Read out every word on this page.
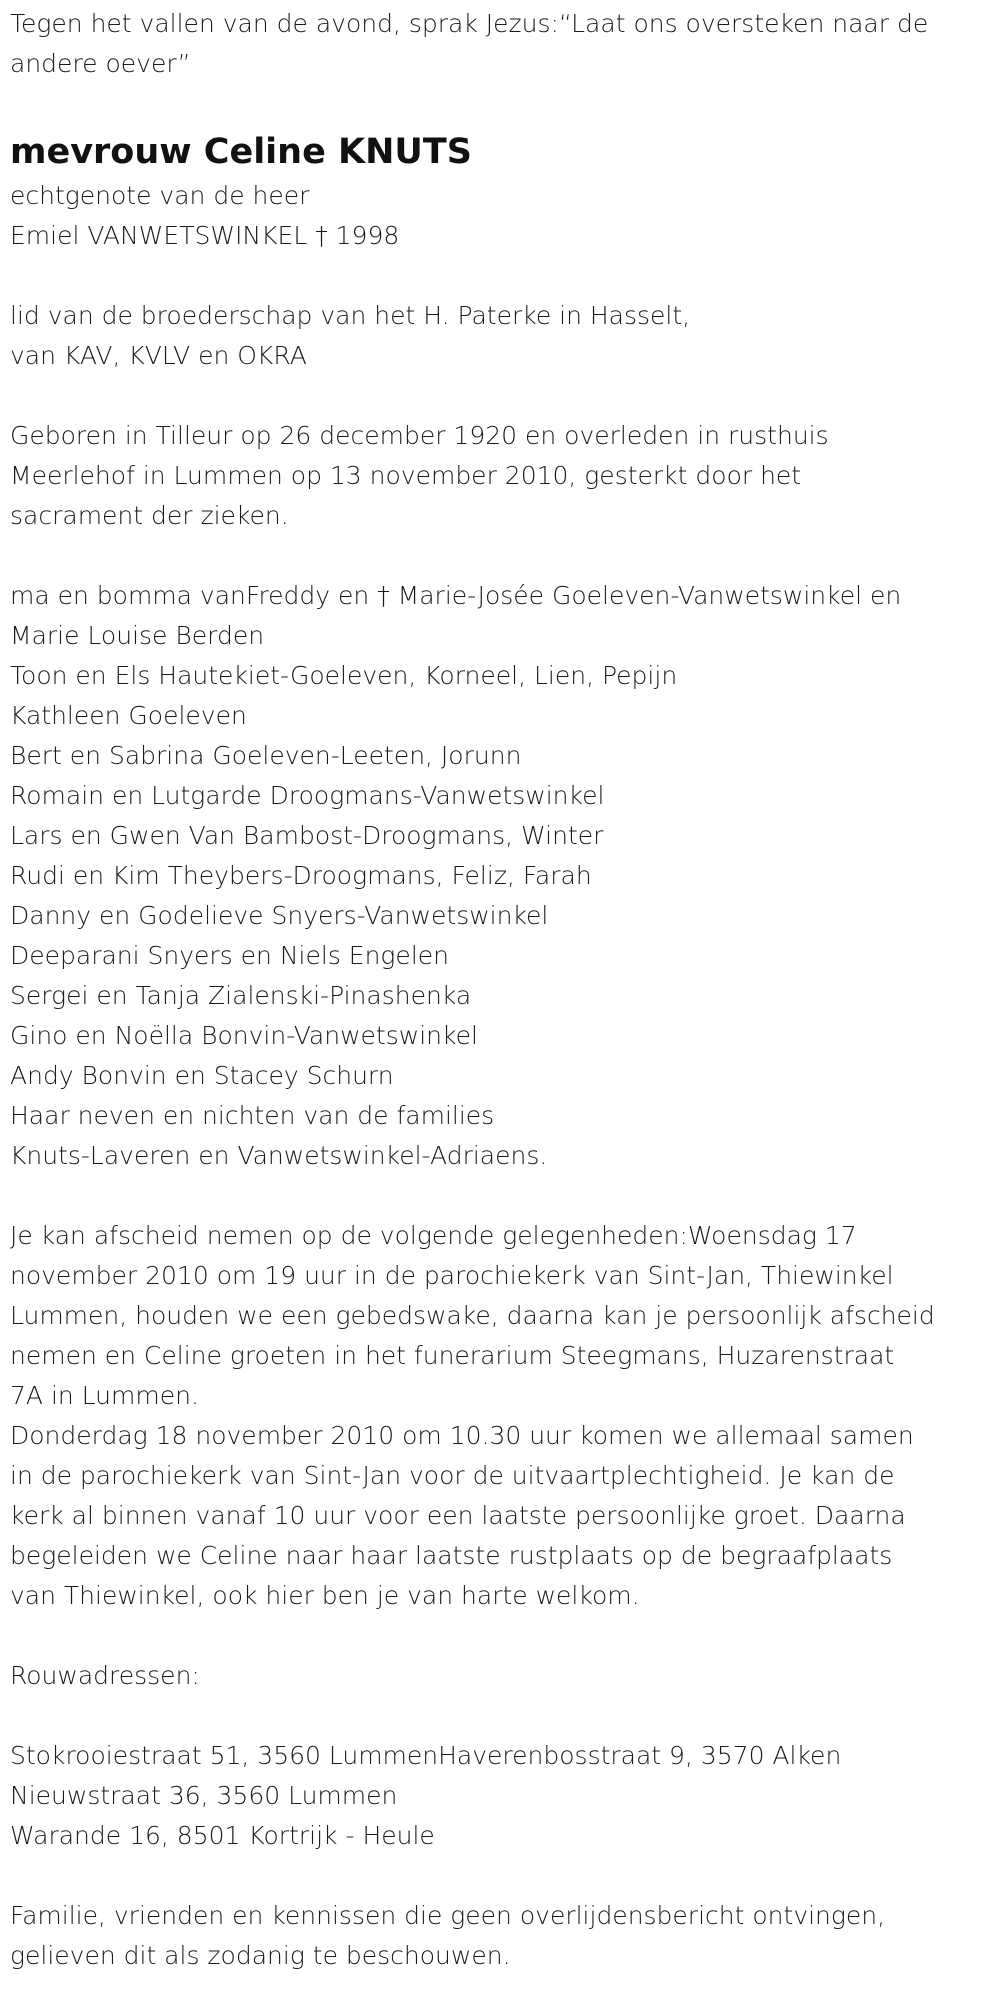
Tegen het vallen van de avond, sprak Jezus:“Laat ons oversteken naar de
andere oever”
mevrouw Celine KNUTS
echtgenote van de heer
Emiel VANWETSWINKEL † 1998
lid van de broederschap van het H. Paterke in Hasselt,
van KAV, KVLV en OKRA
Geboren in Tilleur op 26 december 1920 en overleden in rusthuis
Meerlehof in Lummen op 13 november 2010, gesterkt door het
sacrament der zieken.
ma en bomma vanFreddy en † Marie-Josée Goeleven-Vanwetswinkel en
Marie Louise Berden
Toon en Els Hautekiet-Goeleven, Korneel, Lien, Pepijn
Kathleen Goeleven
Bert en Sabrina Goeleven-Leeten, Jorunn
Romain en Lutgarde Droogmans-Vanwetswinkel
Lars en Gwen Van Bambost-Droogmans, Winter
Rudi en Kim Theybers-Droogmans, Feliz, Farah
Danny en Godelieve Snyers-Vanwetswinkel
Deeparani Snyers en Niels Engelen
Sergei en Tanja Zialenski-Pinashenka
Gino en Noëlla Bonvin-Vanwetswinkel
Andy Bonvin en Stacey Schurn
Haar neven en nichten van de families
Knuts-Laveren en Vanwetswinkel-Adriaens.
Je kan afscheid nemen op de volgende gelegenheden:Woensdag 17
november 2010 om 19 uur in de parochiekerk van Sint-Jan, Thiewinkel
Lummen, houden we een gebedswake, daarna kan je persoonlijk afscheid
nemen en Celine groeten in het funerarium Steegmans, Huzarenstraat
7A in Lummen.
Donderdag 18 november 2010 om 10.30 uur komen we allemaal samen
in de parochiekerk van Sint-Jan voor de uitvaartplechtigheid. Je kan de
kerk al binnen vanaf 10 uur voor een laatste persoonlijke groet. Daarna
begeleiden we Celine naar haar laatste rustplaats op de begraafplaats
van Thiewinkel, ook hier ben je van harte welkom.
Rouwadressen:
Stokrooiestraat 51, 3560 LummenHaverenbosstraat 9, 3570 Alken
Nieuwstraat 36, 3560 Lummen
Warande 16, 8501 Kortrijk - Heule
Familie, vrienden en kennissen die geen overlijdensbericht ontvingen,
gelieven dit als zodanig te beschouwen.
